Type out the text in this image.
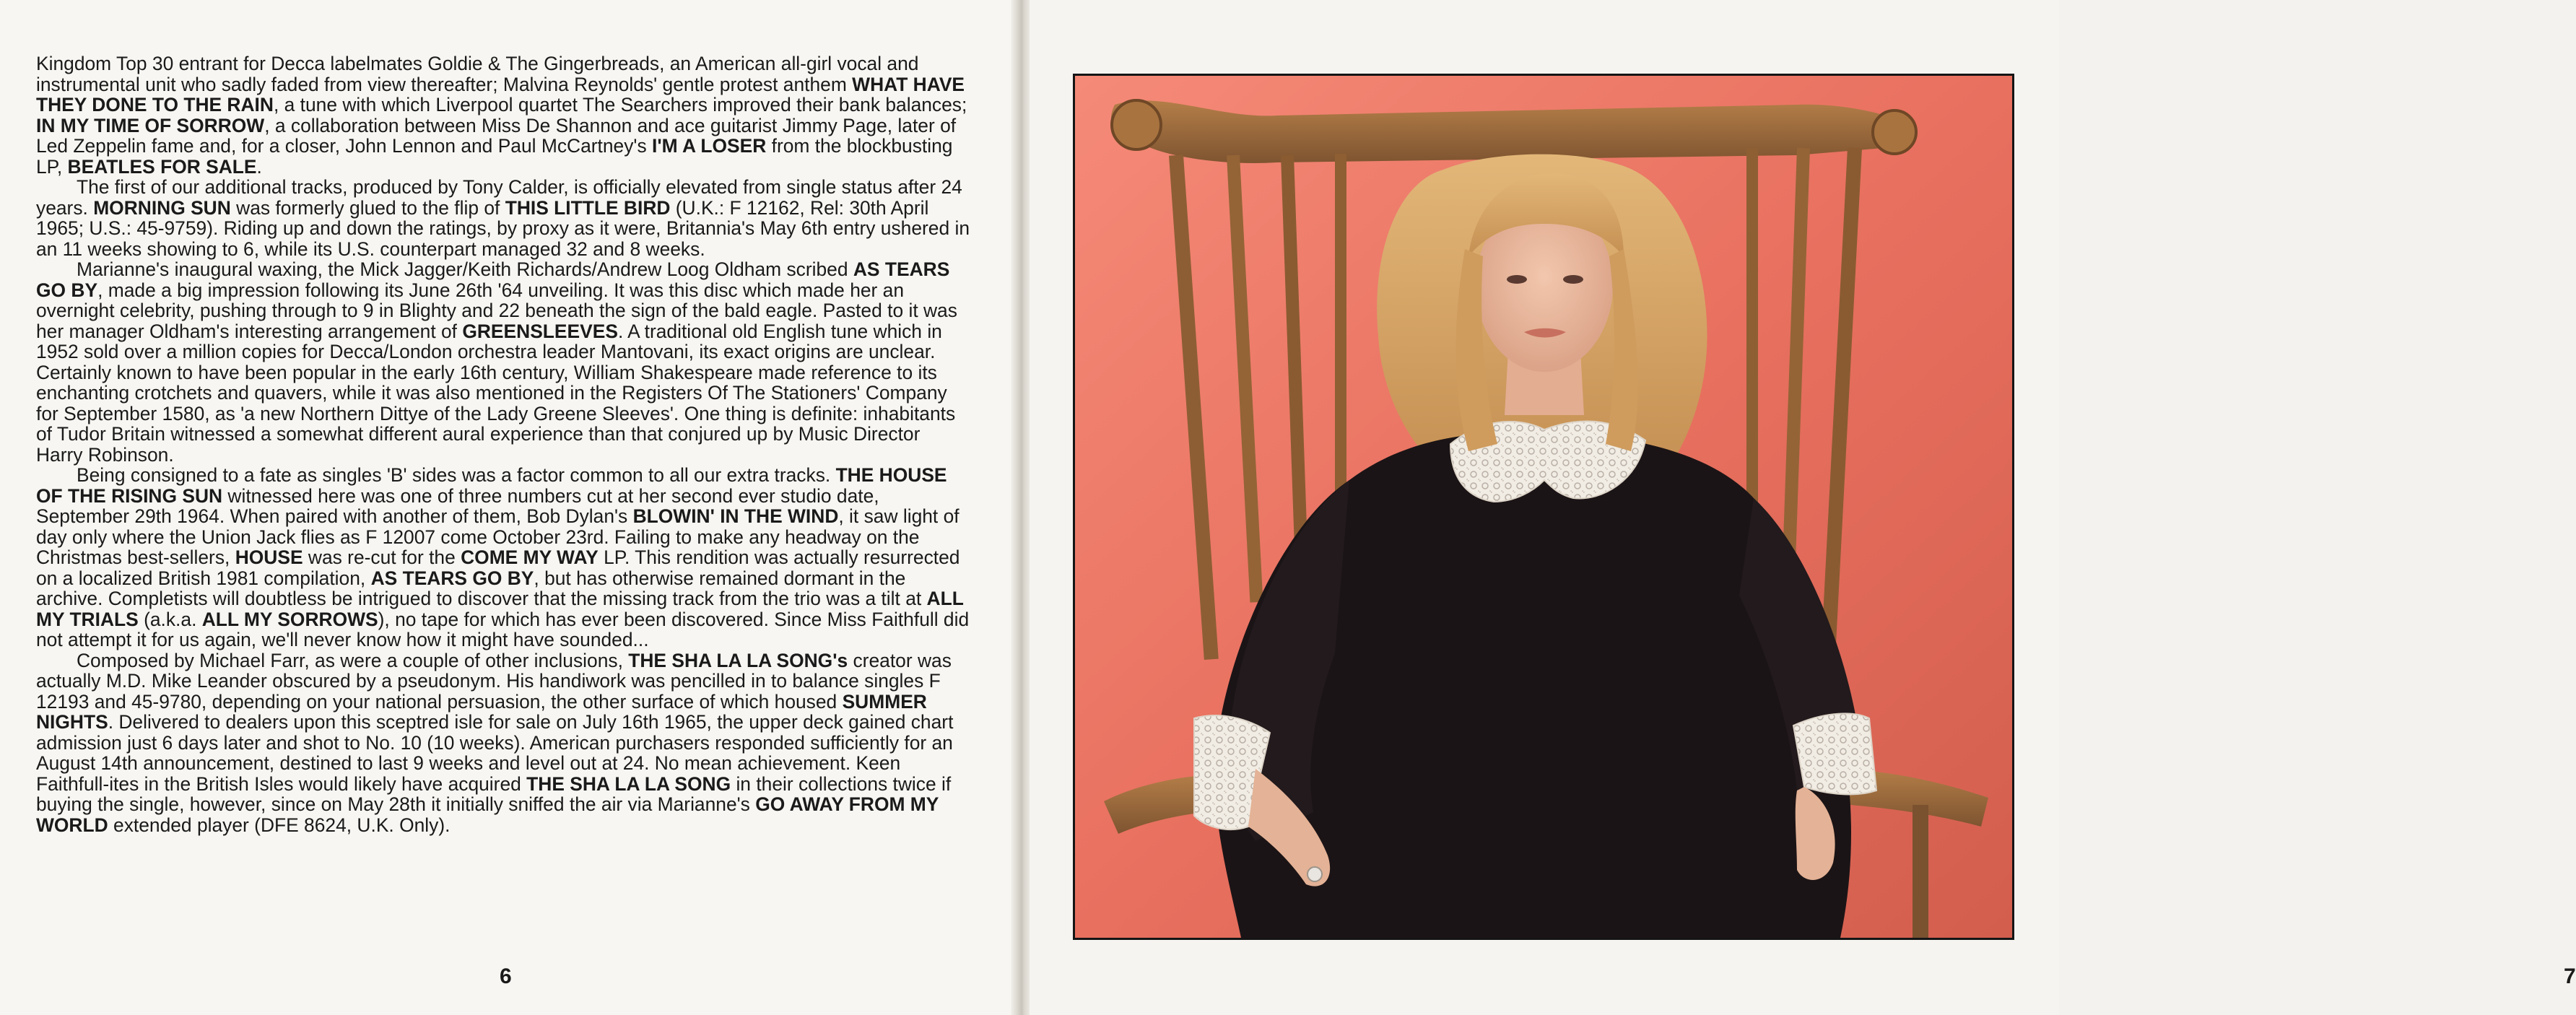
Kingdom Top 30 entrant for Decca labelmates Goldie & The Gingerbreads, an American all-girl vocal and instrumental unit who sadly faded from view thereafter; Malvina Reynolds' gentle protest anthem WHAT HAVE THEY DONE TO THE RAIN, a tune with which Liverpool quartet The Searchers improved their bank balances; IN MY TIME OF SORROW, a collaboration between Miss De Shannon and ace guitarist Jimmy Page, later of Led Zeppelin fame and, for a closer, John Lennon and Paul McCartney's I'M A LOSER from the blockbusting LP, BEATLES FOR SALE.

The first of our additional tracks, produced by Tony Calder, is officially elevated from single status after 24 years. MORNING SUN was formerly glued to the flip of THIS LITTLE BIRD (U.K.: F 12162, Rel: 30th April 1965; U.S.: 45-9759). Riding up and down the ratings, by proxy as it were, Britannia's May 6th entry ushered in an 11 weeks showing to 6, while its U.S. counterpart managed 32 and 8 weeks.

Marianne's inaugural waxing, the Mick Jagger/Keith Richards/Andrew Loog Oldham scribed AS TEARS GO BY, made a big impression following its June 26th '64 unveiling. It was this disc which made her an overnight celebrity, pushing through to 9 in Blighty and 22 beneath the sign of the bald eagle. Pasted to it was her manager Oldham's interesting arrangement of GREENSLEEVES. A traditional old English tune which in 1952 sold over a million copies for Decca/London orchestra leader Mantovani, its exact origins are unclear. Certainly known to have been popular in the early 16th century, William Shakespeare made reference to its enchanting crotchets and quavers, while it was also mentioned in the Registers Of The Stationers' Company for September 1580, as 'a new Northern Dittye of the Lady Greene Sleeves'. One thing is definite: inhabitants of Tudor Britain witnessed a somewhat different aural experience than that conjured up by Music Director Harry Robinson.

Being consigned to a fate as singles 'B' sides was a factor common to all our extra tracks. THE HOUSE OF THE RISING SUN witnessed here was one of three numbers cut at her second ever studio date, September 29th 1964. When paired with another of them, Bob Dylan's BLOWIN' IN THE WIND, it saw light of day only where the Union Jack flies as F 12007 come October 23rd. Failing to make any headway on the Christmas best-sellers, HOUSE was re-cut for the COME MY WAY LP. This rendition was actually resurrected on a localized British 1981 compilation, AS TEARS GO BY, but has otherwise remained dormant in the archive. Completists will doubtless be intrigued to discover that the missing track from the trio was a tilt at ALL MY TRIALS (a.k.a. ALL MY SORROWS), no tape for which has ever been discovered. Since Miss Faithfull did not attempt it for us again, we'll never know how it might have sounded...

Composed by Michael Farr, as were a couple of other inclusions, THE SHA LA LA SONG's creator was actually M.D. Mike Leander obscured by a pseudonym. His handiwork was pencilled in to balance singles F 12193 and 45-9780, depending on your national persuasion, the other surface of which housed SUMMER NIGHTS. Delivered to dealers upon this sceptred isle for sale on July 16th 1965, the upper deck gained chart admission just 6 days later and shot to No. 10 (10 weeks). American purchasers responded sufficiently for an August 14th announcement, destined to last 9 weeks and level out at 24. No mean achievement. Keen Faithfull-ites in the British Isles would likely have acquired THE SHA LA LA SONG in their collections twice if buying the single, however, since on May 28th it initially sniffed the air via Marianne's GO AWAY FROM MY WORLD extended player (DFE 8624, U.K. Only).

6	7
